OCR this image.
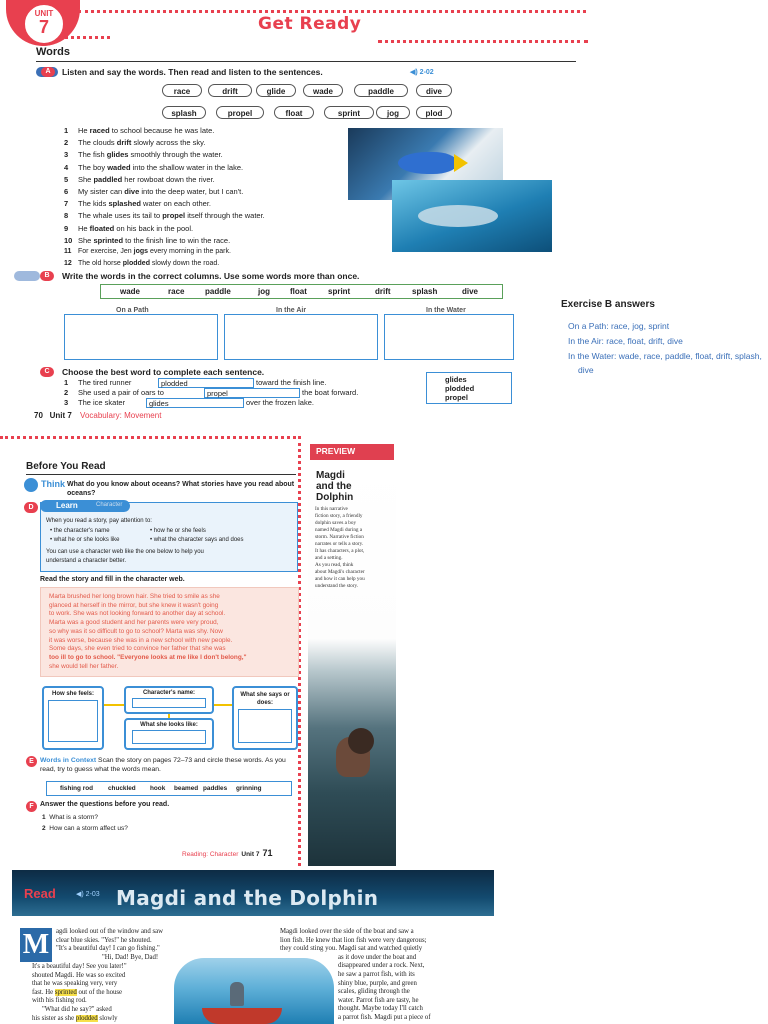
UNIT
7	Get Ready
Words
A	Listen and say the words. Then read and listen to the sentences.	◀) 2-02
B	Write the words in the correct columns. Use some words more than once.
On a Path	In the Air	In the Water
C	Choose the best word to complete each sentence.
glides
plodded
propel
70 Unit 7 Vocabulary: Movement
race	drift	glide	wade	paddle	dive
splash	propel	float	sprint	jog	plod
1 He raced to school because he was late.
2 The clouds drift slowly across the sky.
3 The fish glides smoothly through the water.
4 The boy waded into the shallow water in the lake.
5 She paddled her rowboat down the river.
6 My sister can dive into the deep water, but I can't.
7 The kids splashed water on each other.
8 The whale uses its tail to propel itself through the water.
9 He floated on his back in the pool.
10 She sprinted to the finish line to win the race.
11 For exercise, Jen jogs every morning in the park.
12 The old horse plodded slowly down the road.
wade	race	paddle	jog	float	sprint	drift	splash	dive
1 The tired runner	plodded	toward the finish line.
2 She used a pair of oars to	propel	the boat forward.
3 The ice skater	glides	over the frozen lake.
Exercise B answers
On a Path: race, jog, sprint
In the Air: race, float, drift, dive
In the Water: wade, race, paddle, float, drift, splash,
dive
Before You Read
Think What do you know about oceans? What stories have you read about oceans?
D	Learn	Character
When you read a story, pay attention to:
• the character's name
• what he or she looks like
• how he or she feels
• what the character says and does
You can use a character web like the one below to help you
understand a character better.
Read the story and fill in the character web.
Marta brushed her long brown hair. She tried to smile as she
glanced at herself in the mirror, but she knew it wasn't going
to work. She was not looking forward to another day at school.
Marta was a good student and her parents were very proud,
so why was it so difficult to go to school? Marta was shy. Now
it was worse, because she was in a new school with new people.
Some days, she even tried to convince her father that she was
too ill to go to school. "Everyone looks at me like I don't belong,"
she would tell her father.
How she feels:	Character's name:	What she says or does:
What she looks like:
E Words in Context Scan the story on pages 72–73 and circle these words. As you read, try to guess what the words mean.
F Answer the questions before you read.
1 What is a storm?
2 How can a storm affect us?
Reading: Character Unit 7 71
PREVIEW
Magdi
and the
Dolphin
In this narrative
fiction story, a friendly
dolphin saves a boy
named Magdi during a
storm. Narrative fiction
narrates or tells a story.
It has characters, a plot,
and a setting.
As you read, think
about Magdi's character
and how it can help you
understand the story.
fishing rod chuckled hook beamed paddles grinning
Read	◀) 2-03 Magdi and the Dolphin
M agdi looked out of the window and saw
clear blue skies. "Yes!" he shouted.
"It's a beautiful day! I can go fishing."
"Hi, Dad! Bye, Dad!
It's a beautiful day! See you later!"
shouted Magdi. He was so excited
that he was speaking very, very
fast. He sprinted out of the house
with his fishing rod.
"What did he say?" asked
his sister as she plodded slowly
Magdi looked over the side of the boat and saw a
lion fish. He knew that lion fish were very dangerous;
they could sting you. Magdi sat and watched quietly
as it dove under the boat and
disappeared under a rock. Next,
he saw a parrot fish, with its
shiny blue, purple, and green
scales, gliding through the
water. Parrot fish are tasty, he
thought. Maybe today I'll catch
a parrot fish. Magdi put a piece of
